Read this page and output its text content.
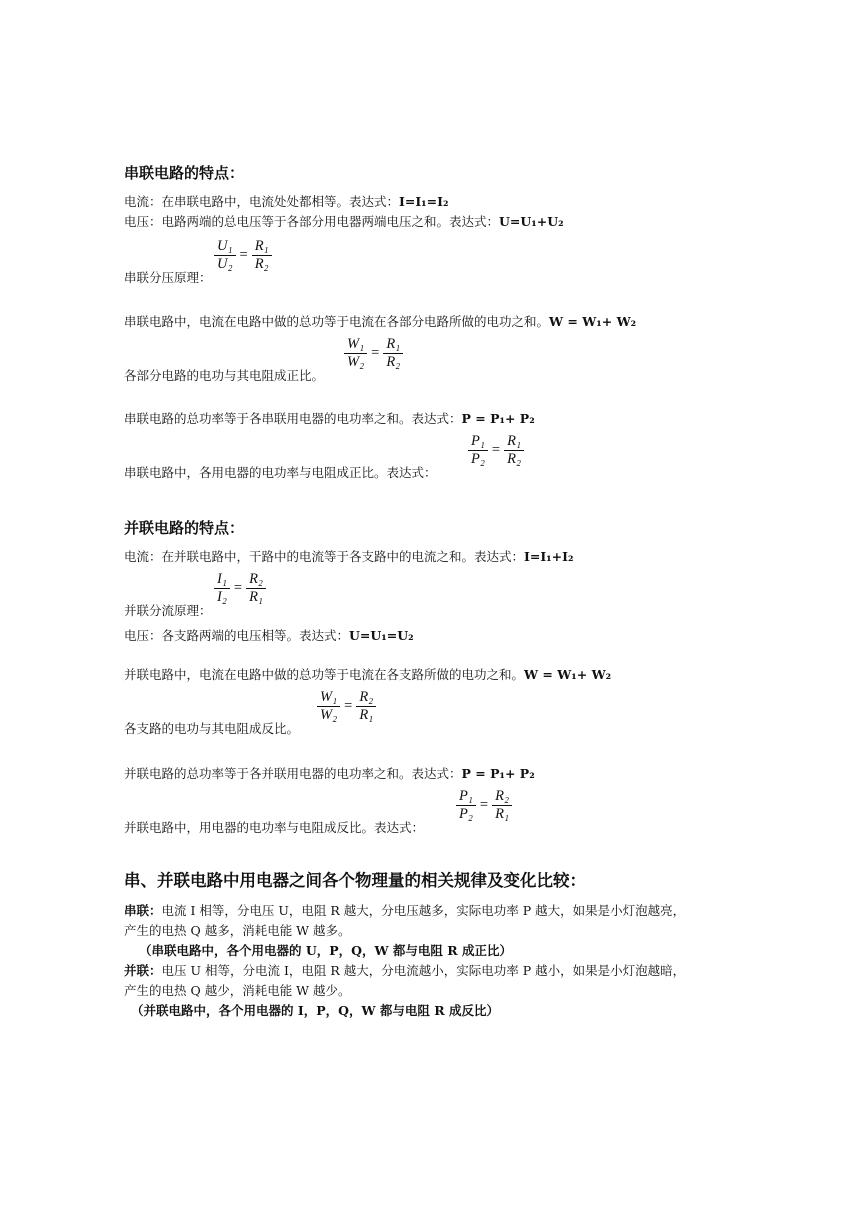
串联电路的特点：
电流：在串联电路中，电流处处都相等。表达式：I=I₁=I₂
电压：电路两端的总电压等于各部分用电器两端电压之和。表达式：U=U₁+U₂
串联分压原理：
$\frac{\text{U₁}}{\text{U₂}} = \frac{\text{R₁}}{\text{R₂}}$
串联电路中，电流在电路中做的总功等于电流在各部分电路所做的电功之和。W = W₁+ W₂
各部分电路的电功与其电阻成正比。
$\frac{\text{W₁}}{\text{W₂}} = \frac{\text{R₁}}{\text{R₂}}$
串联电路的总功率等于各串联用电器的电功率之和。表达式：P = P₁+ P₂
串联电路中，各用电器的电功率与电阻成正比。表达式：
$\frac{\text{P₁}}{\text{P₂}} = \frac{\text{R₁}}{\text{R₂}}$
并联电路的特点：
电流：在并联电路中，干路中的电流等于各支路中的电流之和。表达式：I=I₁+I₂
并联分流原理：
$\frac{\text{I₁}}{\text{I₂}} = \frac{\text{R₂}}{\text{R₁}}$
电压：各支路两端的电压相等。表达式：U=U₁=U₂
并联电路中，电流在电路中做的总功等于电流在各支路所做的电功之和。W = W₁+ W₂
各支路的电功与其电阻成反比。
$\frac{\text{W₁}}{\text{W₂}} = \frac{\text{R₂}}{\text{R₁}}$
并联电路的总功率等于各并联用电器的电功率之和。表达式：P = P₁+ P₂
并联电路中，用电器的电功率与电阻成反比。表达式：
$\frac{\text{P₁}}{\text{P₂}} = \frac{\text{R₂}}{\text{R₁}}$
串、并联电路中用电器之间各个物理量的相关规律及变化比较：
串联：电流 I 相等，分电压 U，电阻 R 越大，分电压越多，实际电功率 P 越大，如果是小灯泡越亮，
产生的电热 Q 越多，消耗电能 W 越多。
（串联电路中，各个用电器的 U，P，Q，W 都与电阻 R 成正比）
并联：电压 U 相等，分电流 I，电阻 R 越大，分电流越小，实际电功率 P 越小，如果是小灯泡越暗，
产生的电热 Q 越少，消耗电能 W 越少。
（并联电路中，各个用电器的 I，P，Q，W 都与电阻 R 成反比）
